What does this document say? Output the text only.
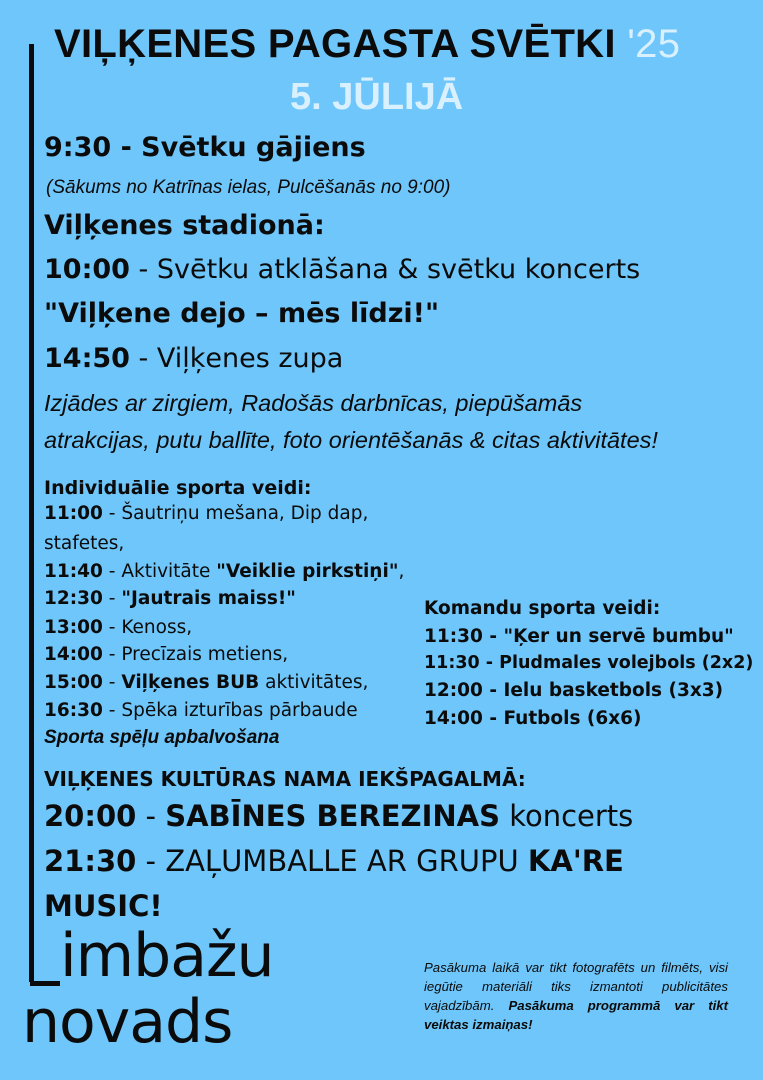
VIĻĶENES PAGASTA SVĒTKI '25
5. JŪLIJĀ
9:30 - Svētku gājiens
(Sākums no Katrīnas ielas, Pulcēšanās no 9:00)
Viļķenes stadionā:
10:00 - Svētku atklāšana & svētku koncerts
"Viļķene dejo – mēs līdzi!"
14:50 - Viļķenes zupa
Izjādes ar zirgiem, Radošās darbnīcas, piepūšamās
atrakcijas, putu ballīte, foto orientēšanās & citas aktivitātes!
Individuālie sporta veidi:
11:00 - Šautriņu mešana, Dip dap,
stafetes,
11:40 - Aktivitāte "Veiklie pirkstiņi",
12:30 - "Jautrais maiss!"
13:00 - Kenoss,
14:00 - Precīzais metiens,
15:00 - Viļķenes BUB aktivitātes,
16:30 - Spēka izturības pārbaude
Sporta spēļu apbalvošana
Komandu sporta veidi:
11:30 - "Ķer un servē bumbu"
11:30 - Pludmales volejbols (2x2)
12:00 - Ielu basketbols (3x3)
14:00 - Futbols (6x6)
VIĻĶENES KULTŪRAS NAMA IEKŠPAGALMĀ:
20:00 - SABĪNES BEREZINAS koncerts
21:30 - ZAĻUMBALLE AR GRUPU KA'RE
MUSIC!
imbažu
novads
Pasākuma laikā var tikt fotografēts un filmēts, visi iegūtie materiāli tiks izmantoti publicitātes vajadzībām. Pasākuma programmā var tikt veiktas izmaiņas!
